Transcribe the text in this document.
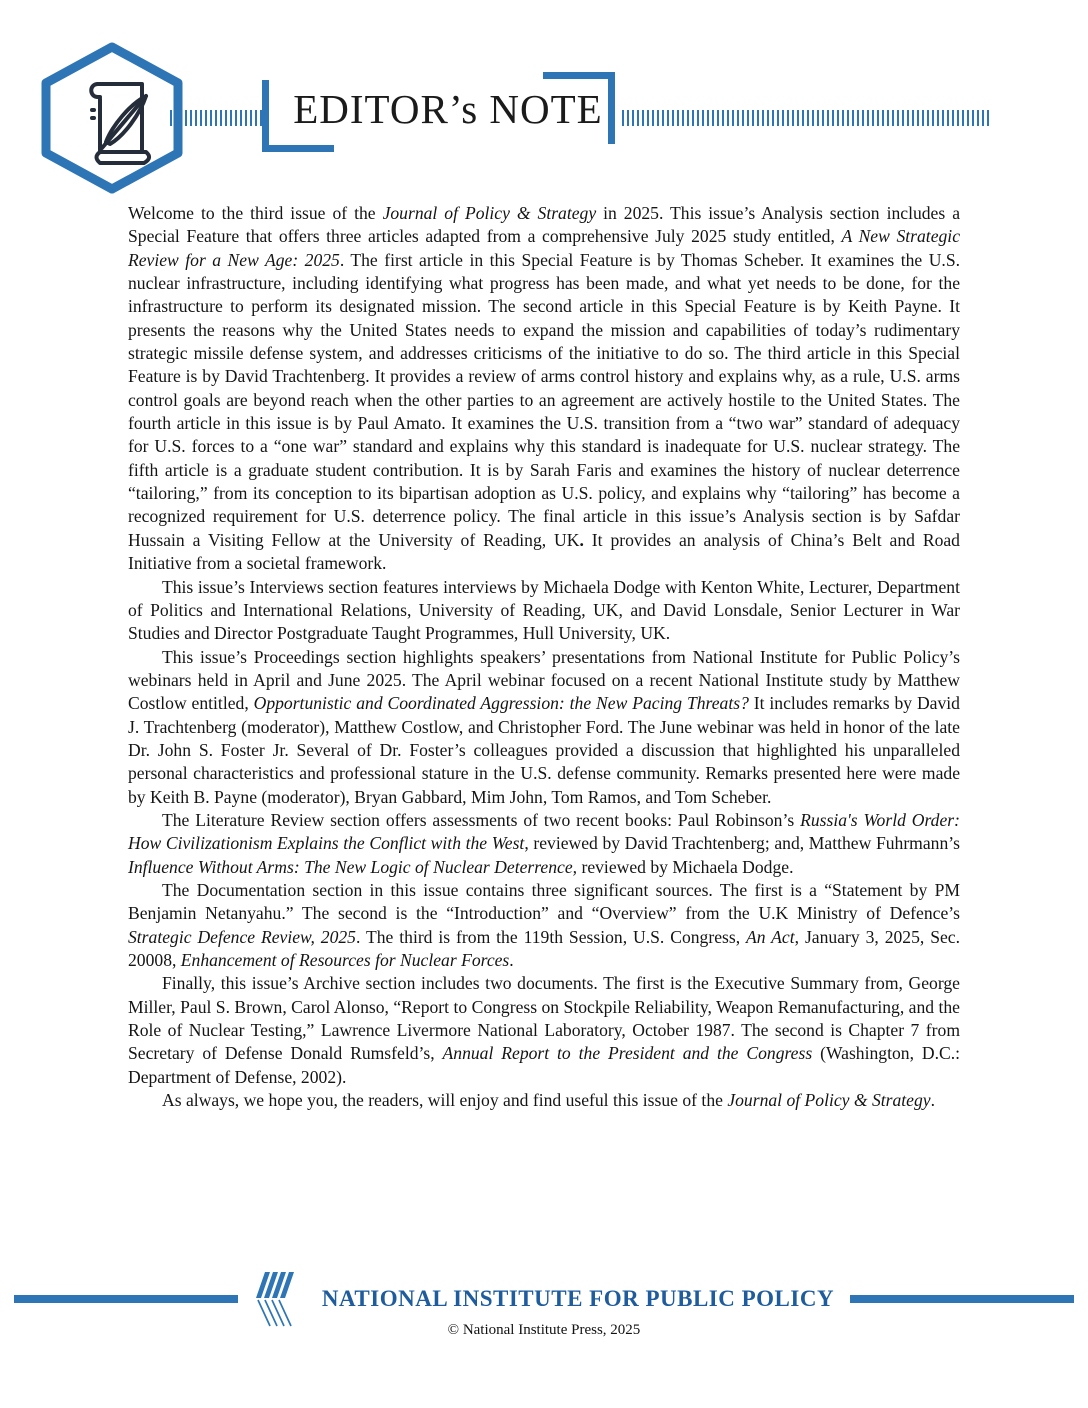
EDITOR’s NOTE

Welcome to the third issue of the Journal of Policy & Strategy in 2025. This issue’s Analysis section includes a Special Feature that offers three articles adapted from a comprehensive July 2025 study entitled, A New Strategic Review for a New Age: 2025. The first article in this Special Feature is by Thomas Scheber. It examines the U.S. nuclear infrastructure, including identifying what progress has been made, and what yet needs to be done, for the infrastructure to perform its designated mission. The second article in this Special Feature is by Keith Payne. It presents the reasons why the United States needs to expand the mission and capabilities of today’s rudimentary strategic missile defense system, and addresses criticisms of the initiative to do so. The third article in this Special Feature is by David Trachtenberg. It provides a review of arms control history and explains why, as a rule, U.S. arms control goals are beyond reach when the other parties to an agreement are actively hostile to the United States. The fourth article in this issue is by Paul Amato. It examines the U.S. transition from a “two war” standard of adequacy for U.S. forces to a “one war” standard and explains why this standard is inadequate for U.S. nuclear strategy. The fifth article is a graduate student contribution. It is by Sarah Faris and examines the history of nuclear deterrence “tailoring,” from its conception to its bipartisan adoption as U.S. policy, and explains why “tailoring” has become a recognized requirement for U.S. deterrence policy. The final article in this issue’s Analysis section is by Safdar Hussain a Visiting Fellow at the University of Reading, UK. It provides an analysis of China’s Belt and Road Initiative from a societal framework.

This issue’s Interviews section features interviews by Michaela Dodge with Kenton White, Lecturer, Department of Politics and International Relations, University of Reading, UK, and David Lonsdale, Senior Lecturer in War Studies and Director Postgraduate Taught Programmes, Hull University, UK.

This issue’s Proceedings section highlights speakers’ presentations from National Institute for Public Policy’s webinars held in April and June 2025. The April webinar focused on a recent National Institute study by Matthew Costlow entitled, Opportunistic and Coordinated Aggression: the New Pacing Threats? It includes remarks by David J. Trachtenberg (moderator), Matthew Costlow, and Christopher Ford. The June webinar was held in honor of the late Dr. John S. Foster Jr. Several of Dr. Foster’s colleagues provided a discussion that highlighted his unparalleled personal characteristics and professional stature in the U.S. defense community. Remarks presented here were made by Keith B. Payne (moderator), Bryan Gabbard, Mim John, Tom Ramos, and Tom Scheber.

The Literature Review section offers assessments of two recent books: Paul Robinson’s Russia's World Order: How Civilizationism Explains the Conflict with the West, reviewed by David Trachtenberg; and, Matthew Fuhrmann’s Influence Without Arms: The New Logic of Nuclear Deterrence, reviewed by Michaela Dodge.

The Documentation section in this issue contains three significant sources. The first is a “Statement by PM Benjamin Netanyahu.” The second is the “Introduction” and “Overview” from the U.K Ministry of Defence’s Strategic Defence Review, 2025. The third is from the 119th Session, U.S. Congress, An Act, January 3, 2025, Sec. 20008, Enhancement of Resources for Nuclear Forces.

Finally, this issue’s Archive section includes two documents. The first is the Executive Summary from, George Miller, Paul S. Brown, Carol Alonso, “Report to Congress on Stockpile Reliability, Weapon Remanufacturing, and the Role of Nuclear Testing,” Lawrence Livermore National Laboratory, October 1987. The second is Chapter 7 from Secretary of Defense Donald Rumsfeld’s, Annual Report to the President and the Congress (Washington, D.C.: Department of Defense, 2002).

As always, we hope you, the readers, will enjoy and find useful this issue of the Journal of Policy & Strategy.

NATIONAL INSTITUTE FOR PUBLIC POLICY
© National Institute Press, 2025
